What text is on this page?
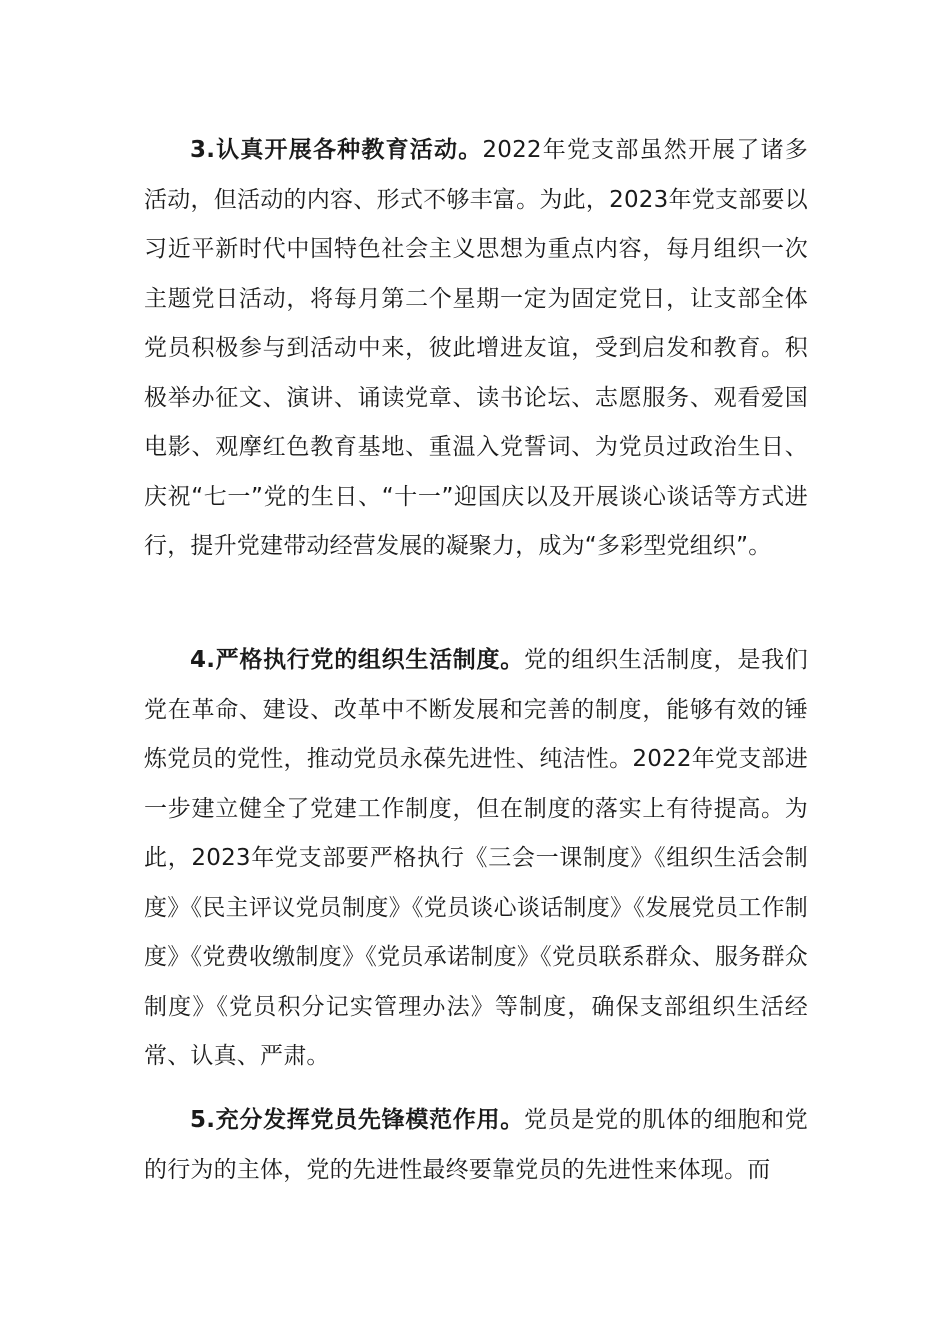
3.认真开展各种教育活动。2022年党支部虽然开展了诸多活动，但活动的内容、形式不够丰富。为此，2023年党支部要以习近平新时代中国特色社会主义思想为重点内容，每月组织一次主题党日活动，将每月第二个星期一定为固定党日，让支部全体党员积极参与到活动中来，彼此增进友谊，受到启发和教育。积极举办征文、演讲、诵读党章、读书论坛、志愿服务、观看爱国电影、观摩红色教育基地、重温入党誓词、为党员过政治生日、庆祝“七一”党的生日、“十一”迎国庆以及开展谈心谈话等方式进行，提升党建带动经营发展的凝聚力，成为“多彩型党组织”。

4.严格执行党的组织生活制度。党的组织生活制度，是我们党在革命、建设、改革中不断发展和完善的制度，能够有效的锤炼党员的党性，推动党员永葆先进性、纯洁性。2022年党支部进一步建立健全了党建工作制度，但在制度的落实上有待提高。为此，2023年党支部要严格执行《三会一课制度》《组织生活会制度》《民主评议党员制度》《党员谈心谈话制度》《发展党员工作制度》《党费收缴制度》《党员承诺制度》《党员联系群众、服务群众制度》《党员积分记实管理办法》等制度，确保支部组织生活经常、认真、严肃。

5.充分发挥党员先锋模范作用。党员是党的肌体的细胞和党的行为的主体，党的先进性最终要靠党员的先进性来体现。而
